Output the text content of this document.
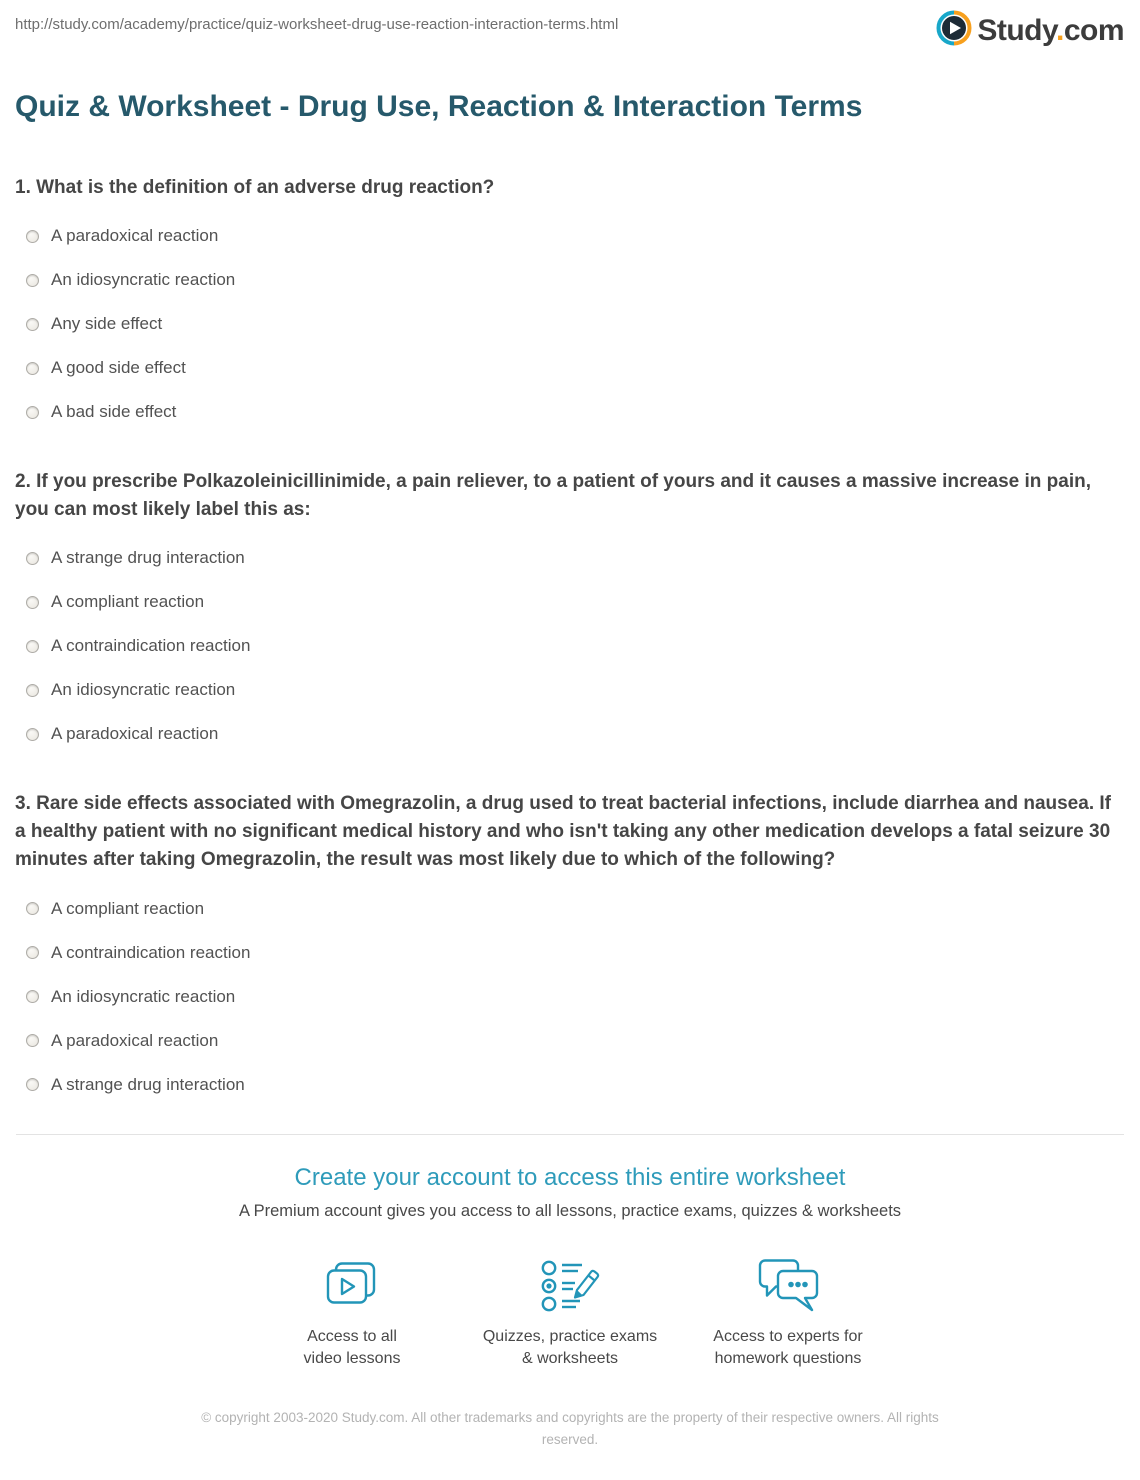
http://study.com/academy/practice/quiz-worksheet-drug-use-reaction-interaction-terms.html	Study.com
Quiz & Worksheet - Drug Use, Reaction & Interaction Terms
1. What is the definition of an adverse drug reaction?
A paradoxical reaction
An idiosyncratic reaction
Any side effect
A good side effect
A bad side effect
2. If you prescribe Polkazoleinicillinimide, a pain reliever, to a patient of yours and it causes a massive increase in pain, you can most likely label this as:
A strange drug interaction
A compliant reaction
A contraindication reaction
An idiosyncratic reaction
A paradoxical reaction
3. Rare side effects associated with Omegrazolin, a drug used to treat bacterial infections, include diarrhea and nausea. If a healthy patient with no significant medical history and who isn't taking any other medication develops a fatal seizure 30 minutes after taking Omegrazolin, the result was most likely due to which of the following?
A compliant reaction
A contraindication reaction
An idiosyncratic reaction
A paradoxical reaction
A strange drug interaction
Create your account to access this entire worksheet
A Premium account gives you access to all lessons, practice exams, quizzes & worksheets
Access to all
video lessons
Quizzes, practice exams
& worksheets
Access to experts for
homework questions
© copyright 2003-2020 Study.com. All other trademarks and copyrights are the property of their respective owners. All rights reserved.
